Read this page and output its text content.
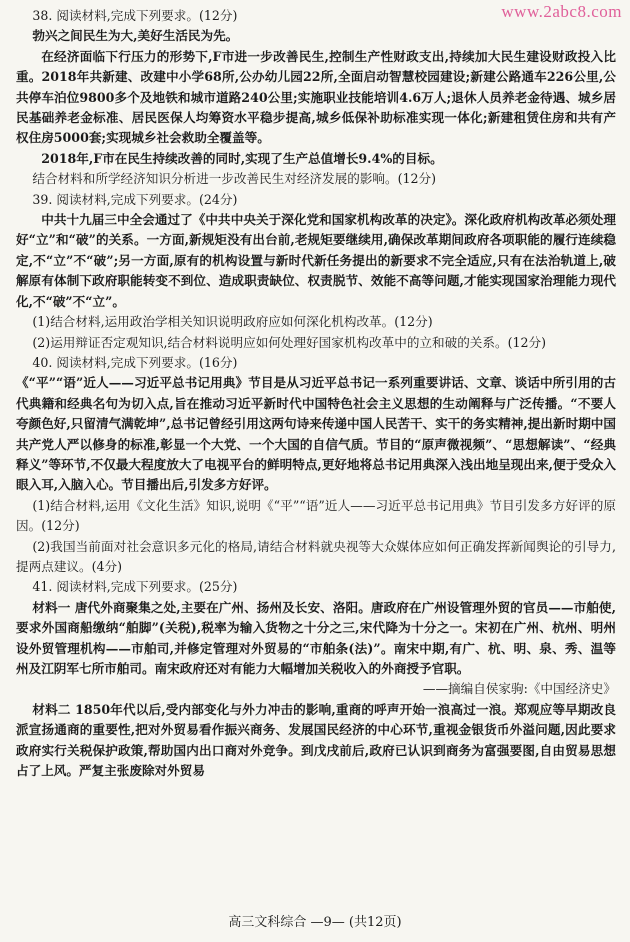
www.2abc8.com

38. 阅读材料,完成下列要求。(12分)

勃兴之间民生为大,美好生活民为先。

在经济面临下行压力的形势下,F市进一步改善民生,控制生产性财政支出,持续加大民生建设财政投入比重。2018年共新建、改建中小学68所,公办幼儿园22所,全面启动智慧校园建设;新建公路通车226公里,公共停车泊位9800多个及地铁和城市道路240公里;实施职业技能培训4.6万人;退休人员养老金待遇、城乡居民基础养老金标准、居民医保人均筹资水平稳步提高,城乡低保补助标准实现一体化;新建租赁住房和共有产权住房5000套;实现城乡社会救助全覆盖等。

2018年,F市在民生持续改善的同时,实现了生产总值增长9.4%的目标。

结合材料和所学经济知识分析进一步改善民生对经济发展的影响。(12分)

39. 阅读材料,完成下列要求。(24分)

中共十九届三中全会通过了《中共中央关于深化党和国家机构改革的决定》。深化政府机构改革必须处理好“立”和“破”的关系。一方面,新规矩没有出台前,老规矩要继续用,确保改革期间政府各项职能的履行连续稳定,不“立”不“破”;另一方面,原有的机构设置与新时代新任务提出的新要求不完全适应,只有在法治轨道上,破解原有体制下政府职能转变不到位、造成职责缺位、权责脱节、效能不高等问题,才能实现国家治理能力现代化,不“破”不“立”。

(1)结合材料,运用政治学相关知识说明政府应如何深化机构改革。(12分)

(2)运用辩证否定观知识,结合材料说明应如何处理好国家机构改革中的立和破的关系。(12分)

40. 阅读材料,完成下列要求。(16分)

《“平”“语”近人——习近平总书记用典》节目是从习近平总书记一系列重要讲话、文章、谈话中所引用的古代典籍和经典名句为切入点,旨在推动习近平新时代中国特色社会主义思想的生动阐释与广泛传播。“不要人夸颜色好,只留清气满乾坤”,总书记曾经引用这两句诗来传递中国人民苦干、实干的务实精神,提出新时期中国共产党人严以修身的标准,彰显一个大党、一个大国的自信气质。节目的“原声微视频”、“思想解读”、“经典释义”等环节,不仅最大程度放大了电视平台的鲜明特点,更好地将总书记用典深入浅出地呈现出来,便于受众入眼入耳,入脑入心。节目播出后,引发多方好评。

(1)结合材料,运用《文化生活》知识,说明《“平”“语”近人——习近平总书记用典》节目引发多方好评的原因。(12分)

(2)我国当前面对社会意识多元化的格局,请结合材料就央视等大众媒体应如何正确发挥新闻舆论的引导力,提两点建议。(4分)

41. 阅读材料,完成下列要求。(25分)

材料一 唐代外商聚集之处,主要在广州、扬州及长安、洛阳。唐政府在广州设管理外贸的官员——市舶使,要求外国商船缴纳“舶脚”(关税),税率为输入货物之十分之三,宋代降为十分之一。宋初在广州、杭州、明州设外贸管理机构——市舶司,并修定管理对外贸易的“市舶条(法)”。南宋中期,有广、杭、明、泉、秀、温等州及江阴军七所市舶司。南宋政府还对有能力大幅增加关税收入的外商授予官职。

——摘编自侯家驹:《中国经济史》

材料二 1850年代以后,受内部变化与外力冲击的影响,重商的呼声开始一浪高过一浪。郑观应等早期改良派宣扬通商的重要性,把对外贸易看作振兴商务、发展国民经济的中心环节,重视金银货币外溢问题,因此要求政府实行关税保护政策,帮助国内出口商对外竞争。到戊戌前后,政府已认识到商务为富强要图,自由贸易思想占了上风。严复主张废除对外贸易

高三文科综合 —9— (共12页)
